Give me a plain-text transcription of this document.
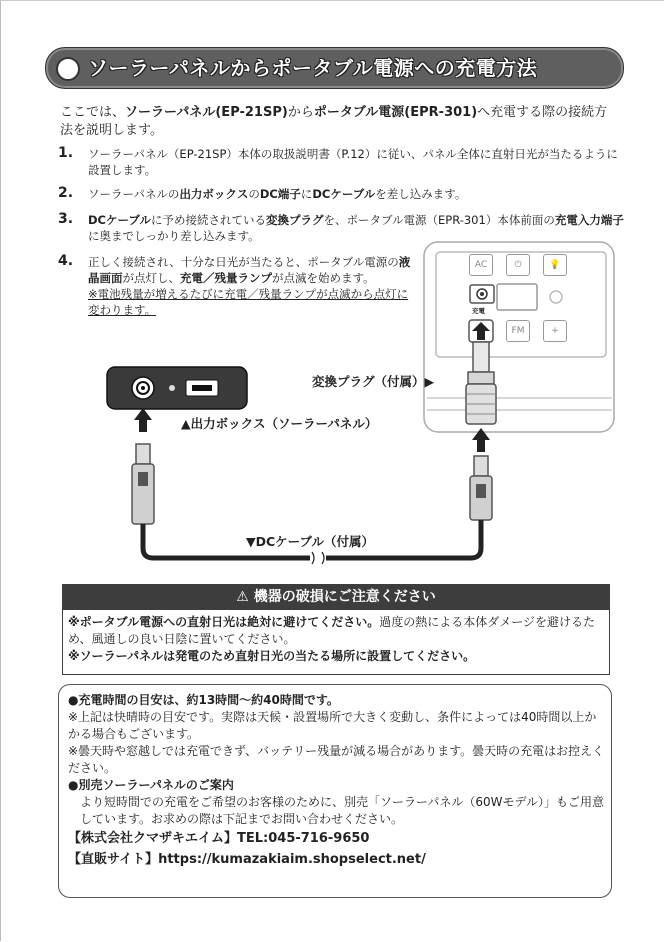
ソーラーパネルからポータブル電源への充電方法
ここでは、ソーラーパネル(EP-21SP)からポータブル電源(EPR-301)へ充電する際の接続方法を説明します。
1. ソーラーパネル（EP-21SP）本体の取扱説明書（P.12）に従い、パネル全体に直射日光が当たるように設置します。
2. ソーラーパネルの出力ボックスのDC端子にDCケーブルを差し込みます。
3. DCケーブルに予め接続されている変換プラグを、ポータブル電源（EPR-301）本体前面の充電入力端子に奥までしっかり差し込みます。
4. 正しく接続され、十分な日光が当たると、ポータブル電源の液晶画面が点灯し、充電／残量ランプが点滅を始めます。
※電池残量が増えるたびに充電／残量ランプが点滅から点灯に変わります。
AC	⏻	💡
FM	+
充電
変換プラグ（付属）▶
▲出力ボックス（ソーラーパネル）
▼DCケーブル（付属）
⚠ 機器の破損にご注意ください

※ポータブル電源への直射日光は絶対に避けてください。過度の熱による本体ダメージを避けるため、風通しの良い日陰に置いてください。

※ソーラーパネルは発電のため直射日光の当たる場所に設置してください。

●充電時間の目安は、約13時間〜約40時間です。

※上記は快晴時の目安です。実際は天候・設置場所で大きく変動し、条件によっては40時間以上かかる場合もございます。

※曇天時や窓越しでは充電できず、バッテリー残量が減る場合があります。曇天時の充電はお控えください。

●別売ソーラーパネルのご案内

より短時間での充電をご希望のお客様のために、別売「ソーラーパネル（60Wモデル）」もご用意しています。お求めの際は下記までお問い合わせください。

【株式会社クマザキエイム】TEL:045-716-9650

【直販サイト】https://kumazakiaim.shopselect.net/
